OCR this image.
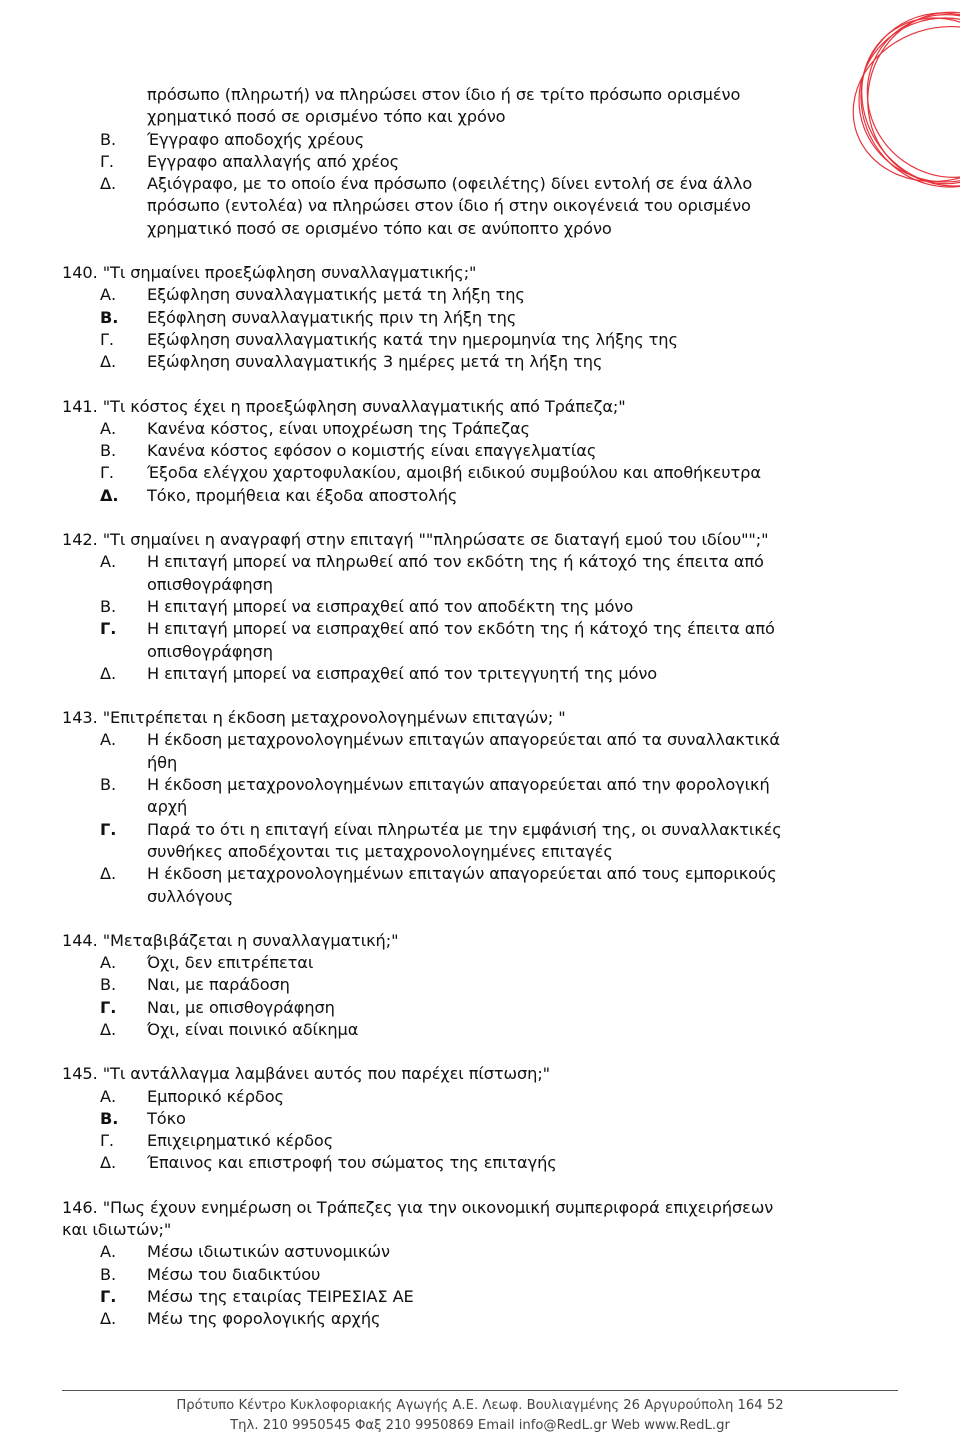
πρόσωπο (πληρωτή) να πληρώσει στον ίδιο ή σε τρίτο πρόσωπο ορισμένο
χρηματικό ποσό σε ορισμένο τόπο και χρόνο
Β.	Έγγραφο αποδοχής χρέους
Γ.	Εγγραφο απαλλαγής από χρέος
Δ.	Αξιόγραφο, με το οποίο ένα πρόσωπο (οφειλέτης) δίνει εντολή σε ένα άλλο πρόσωπο (εντολέα) να πληρώσει στον ίδιο ή στην οικογένειά του ορισμένο χρηματικό ποσό σε ορισμένο τόπο και σε ανύποπτο χρόνο
140. "Τι σημαίνει προεξώφληση συναλλαγματικής;"
Α.	Εξώφληση συναλλαγματικής μετά τη λήξη της
Β.	Εξόφληση συναλλαγματικής πριν τη λήξη της
Γ.	Εξώφληση συναλλαγματικής κατά την ημερομηνία της λήξης της
Δ.	Εξώφληση συναλλαγματικής 3 ημέρες μετά τη λήξη της
141. "Τι κόστος έχει η προεξώφληση συναλλαγματικής από Τράπεζα;"
Α.	Κανένα κόστος, είναι υποχρέωση της Τράπεζας
Β.	Κανένα κόστος εφόσον ο κομιστής είναι επαγγελματίας
Γ.	Έξοδα ελέγχου χαρτοφυλακίου, αμοιβή ειδικού συμβούλου και αποθήκευτρα
Δ.	Τόκο, προμήθεια και έξοδα αποστολής
142. "Τι σημαίνει η αναγραφή στην επιταγή ""πληρώσατε σε διαταγή εμού του ιδίου"";"
Α.	Η επιταγή μπορεί να πληρωθεί από τον εκδότη της ή κάτοχό της έπειτα από οπισθογράφηση
Β.	Η επιταγή μπορεί να εισπραχθεί από τον αποδέκτη της μόνο
Γ.	Η επιταγή μπορεί να εισπραχθεί από τον εκδότη της ή κάτοχό της έπειτα από οπισθογράφηση
Δ.	Η επιταγή μπορεί να εισπραχθεί από τον τριτεγγυητή της μόνο
143. "Επιτρέπεται η έκδοση μεταχρονολογημένων επιταγών; "
Α.	Η έκδοση μεταχρονολογημένων επιταγών απαγορεύεται από τα συναλλακτικά ήθη
Β.	Η έκδοση μεταχρονολογημένων επιταγών απαγορεύεται από την φορολογική αρχή
Γ.	Παρά το ότι η επιταγή είναι πληρωτέα με την εμφάνισή της, οι συναλλακτικές συνθήκες αποδέχονται τις μεταχρονολογημένες επιταγές
Δ.	Η έκδοση μεταχρονολογημένων επιταγών απαγορεύεται από τους εμπορικούς συλλόγους
144. "Μεταβιβάζεται η συναλλαγματική;"
Α.	Όχι, δεν επιτρέπεται
Β.	Ναι, με παράδοση
Γ.	Ναι, με οπισθογράφηση
Δ.	Όχι, είναι ποινικό αδίκημα
145. "Τι αντάλλαγμα λαμβάνει αυτός που παρέχει πίστωση;"
Α.	Εμπορικό κέρδος
Β.	Τόκο
Γ.	Επιχειρηματικό κέρδος
Δ.	Έπαινος και επιστροφή του σώματος της επιταγής
146. "Πως έχουν ενημέρωση οι Τράπεζες για την οικονομική συμπεριφορά επιχειρήσεων και ιδιωτών;"
Α.	Μέσω ιδιωτικών αστυνομικών
Β.	Μέσω του διαδικτύου
Γ.	Μέσω της εταιρίας ΤΕΙΡΕΣΙΑΣ ΑΕ
Δ.	Μέω της φορολογικής αρχής
Πρότυπο Κέντρο Κυκλοφοριακής Αγωγής Α.Ε. Λεωφ. Βουλιαγμένης 26 Αργυρούπολη 164 52
Τηλ. 210 9950545 Φαξ 210 9950869 Email info@RedL.gr Web www.RedL.gr
